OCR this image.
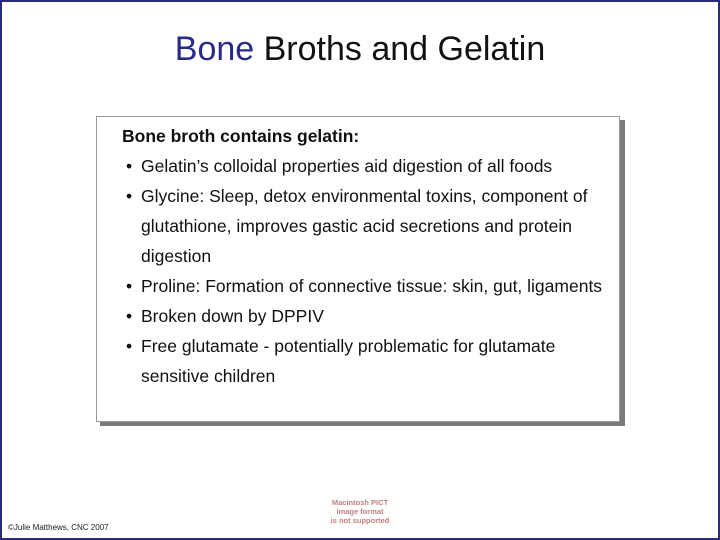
Bone Broths and Gelatin
Bone broth contains gelatin:
• Gelatin’s colloidal properties aid digestion of all foods
• Glycine: Sleep, detox environmental toxins, component of glutathione, improves gastic acid secretions and protein digestion
• Proline: Formation of connective tissue: skin, gut, ligaments
• Broken down by DPPIV
• Free glutamate - potentially problematic for glutamate sensitive children
©Julie Matthews, CNC 2007
Macintosh PICT
image format
is not supported
